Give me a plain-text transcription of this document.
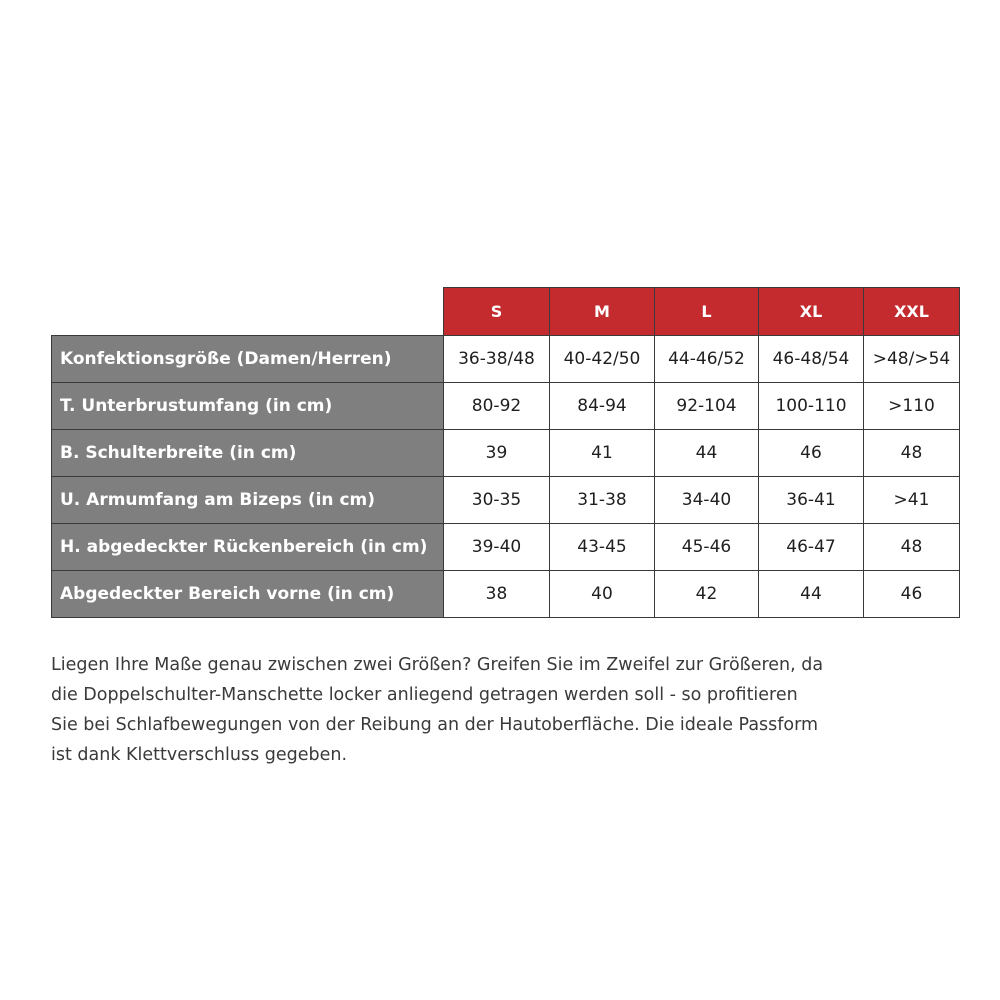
	S	M	L	XL	XXL
Konfektionsgröße (Damen/Herren)	36-38/48	40-42/50	44-46/52	46-48/54	>48/>54
T. Unterbrustumfang (in cm)	80-92	84-94	92-104	100-110	>110
B. Schulterbreite (in cm)	39	41	44	46	48
U. Armumfang am Bizeps (in cm)	30-35	31-38	34-40	36-41	>41
H. abgedeckter Rückenbereich (in cm)	39-40	43-45	45-46	46-47	48
Abgedeckter Bereich vorne (in cm)	38	40	42	44	46

Liegen Ihre Maße genau zwischen zwei Größen? Greifen Sie im Zweifel zur Größeren, da
die Doppelschulter-Manschette locker anliegend getragen werden soll - so profitieren
Sie bei Schlafbewegungen von der Reibung an der Hautoberfläche. Die ideale Passform
ist dank Klettverschluss gegeben.
